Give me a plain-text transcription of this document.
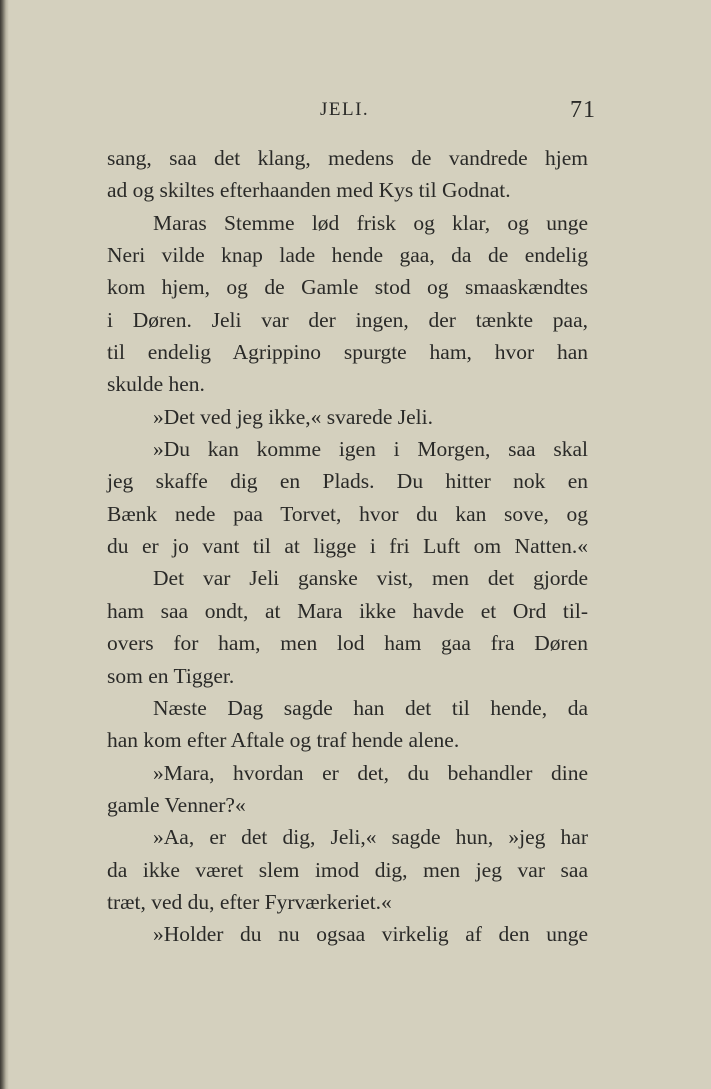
JELI.	71
sang, saa det klang, medens de vandrede hjem
ad og skiltes efterhaanden med Kys til Godnat.
Maras Stemme lød frisk og klar, og unge
Neri vilde knap lade hende gaa, da de endelig
kom hjem, og de Gamle stod og smaaskændtes
i Døren. Jeli var der ingen, der tænkte paa,
til endelig Agrippino spurgte ham, hvor han
skulde hen.
»Det ved jeg ikke,« svarede Jeli.
»Du kan komme igen i Morgen, saa skal
jeg skaffe dig en Plads. Du hitter nok en
Bænk nede paa Torvet, hvor du kan sove, og
du er jo vant til at ligge i fri Luft om Natten.«
Det var Jeli ganske vist, men det gjorde
ham saa ondt, at Mara ikke havde et Ord til-
overs for ham, men lod ham gaa fra Døren
som en Tigger.
Næste Dag sagde han det til hende, da
han kom efter Aftale og traf hende alene.
»Mara, hvordan er det, du behandler dine
gamle Venner?«
»Aa, er det dig, Jeli,« sagde hun, »jeg har
da ikke været slem imod dig, men jeg var saa
træt, ved du, efter Fyrværkeriet.«
»Holder du nu ogsaa virkelig af den unge
